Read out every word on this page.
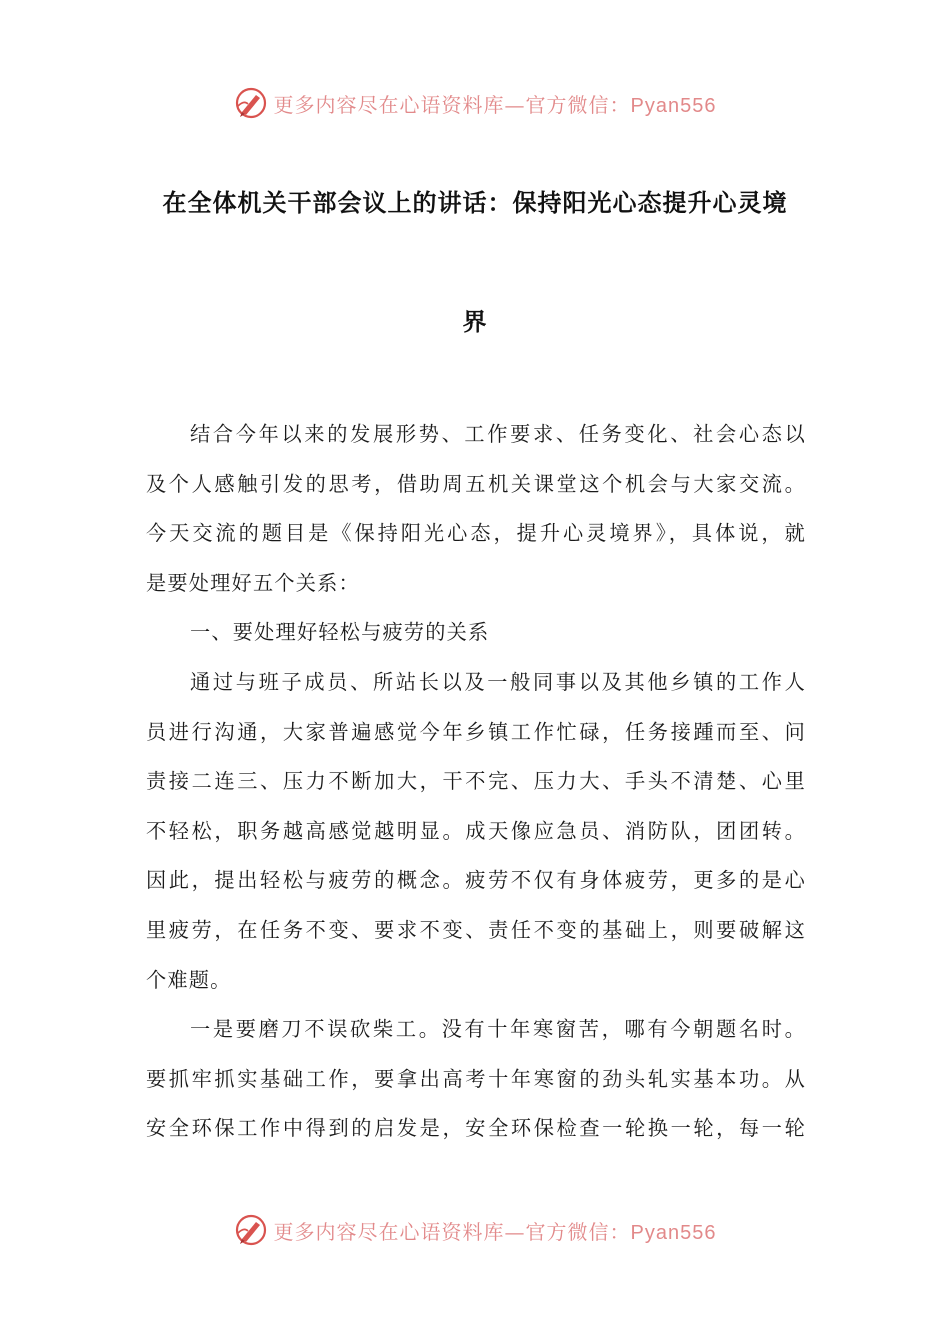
更多内容尽在心语资料库—官方微信：Pyan556
在全体机关干部会议上的讲话：保持阳光心态提升心灵境
界
结合今年以来的发展形势、工作要求、任务变化、社会心态以
及个人感触引发的思考，借助周五机关课堂这个机会与大家交流。
今天交流的题目是《保持阳光心态，提升心灵境界》，具体说，就
是要处理好五个关系：
一、要处理好轻松与疲劳的关系
通过与班子成员、所站长以及一般同事以及其他乡镇的工作人
员进行沟通，大家普遍感觉今年乡镇工作忙碌，任务接踵而至、问
责接二连三、压力不断加大，干不完、压力大、手头不清楚、心里
不轻松，职务越高感觉越明显。成天像应急员、消防队，团团转。
因此，提出轻松与疲劳的概念。疲劳不仅有身体疲劳，更多的是心
里疲劳，在任务不变、要求不变、责任不变的基础上，则要破解这
个难题。
一是要磨刀不误砍柴工。没有十年寒窗苦，哪有今朝题名时。
要抓牢抓实基础工作，要拿出高考十年寒窗的劲头轧实基本功。从
安全环保工作中得到的启发是，安全环保检查一轮换一轮，每一轮
更多内容尽在心语资料库—官方微信：Pyan556
